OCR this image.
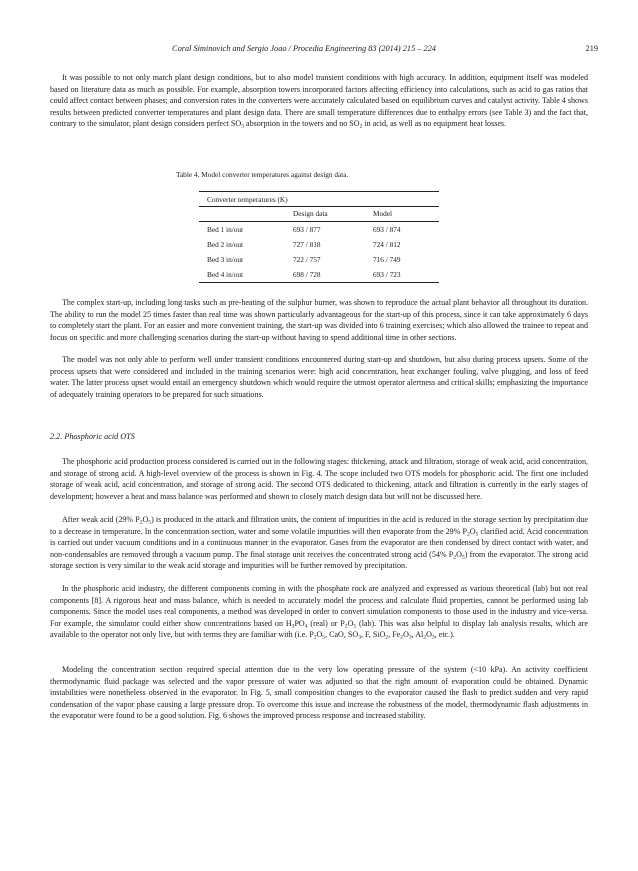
Coral Siminovich and Sergio Joao / Procedia Engineering 83 (2014) 215 – 224	219

It was possible to not only match plant design conditions, but to also model transient conditions with high accuracy. In addition, equipment itself was modeled based on literature data as much as possible. For example, absorption towers incorporated factors affecting efficiency into calculations, such as acid to gas ratios that could affect contact between phases; and conversion rates in the converters were accurately calculated based on equilibrium curves and catalyst activity. Table 4 shows results between predicted converter temperatures and plant design data. There are small temperature differences due to enthalpy errors (see Table 3) and the fact that, contrary to the simulator, plant design considers perfect $SO_3$ absorption in the towers and no $SO_2$ in acid, as well as no equipment heat losses.

Table 4. Model converter temperatures against design data.

Converter temperatures (K)		
	Design data	Model
Bed 1 in/out	693 / 877	693 / 874
Bed 2 in/out	727 / 818	724 / 812
Bed 3 in/out	722 / 757	716 / 749
Bed 4 in/out	698 / 728	693 / 723

The complex start-up, including long tasks such as pre-heating of the sulphur burner, was shown to reproduce the actual plant behavior all throughout its duration. The ability to run the model 25 times faster than real time was shown particularly advantageous for the start-up of this process, since it can take approximately 6 days to completely start the plant. For an easier and more convenient training, the start-up was divided into 6 training exercises; which also allowed the trainee to repeat and focus on specific and more challenging scenarios during the start-up without having to spend additional time in other sections.

The model was not only able to perform well under transient conditions encountered during start-up and shutdown, but also during process upsets. Some of the process upsets that were considered and included in the training scenarios were: high acid concentration, heat exchanger fouling, valve plugging, and loss of feed water. The latter process upset would entail an emergency shutdown which would require the utmost operator alertness and critical skills; emphasizing the importance of adequately training operators to be prepared for such situations.

2.2. Phosphoric acid OTS

The phosphoric acid production process considered is carried out in the following stages: thickening, attack and filtration, storage of weak acid, acid concentration, and storage of strong acid. A high-level overview of the process is shown in Fig. 4. The scope included two OTS models for phosphoric acid. The first one included storage of weak acid, acid concentration, and storage of strong acid. The second OTS dedicated to thickening, attack and filtration is currently in the early stages of development; however a heat and mass balance was performed and shown to closely match design data but will not be discussed here.

After weak acid (29% $P_2O_5$) is produced in the attack and filtration units, the content of impurities in the acid is reduced in the storage section by precipitation due to a decrease in temperature. In the concentration section, water and some volatile impurities will then evaporate from the 29% $P_2O_5$ clarified acid. Acid concentration is carried out under vacuum conditions and in a continuous manner in the evaporator. Gases from the evaporator are then condensed by direct contact with water, and non-condensables are removed through a vacuum pump. The final storage unit receives the concentrated strong acid (54% $P_2O_5$) from the evaporator. The strong acid storage section is very similar to the weak acid storage and impurities will be further removed by precipitation.

In the phosphoric acid industry, the different components coming in with the phosphate rock are analyzed and expressed as various theoretical (lab) but not real components [8]. A rigorous heat and mass balance, which is needed to accurately model the process and calculate fluid properties, cannot be performed using lab components. Since the model uses real components, a method was developed in order to convert simulation components to those used in the industry and vice-versa. For example, the simulator could either show concentrations based on $H_3PO_4$ (real) or $P_2O_5$ (lab). This was also helpful to display lab analysis results, which are available to the operator not only live, but with terms they are familiar with (i.e. $P_2O_5$, CaO, $SO_3$, F, SiO$_2$, $Fe_2O_3$, $Al_2O_3$, etc.).

Modeling the concentration section required special attention due to the very low operating pressure of the system (<10 kPa). An activity coefficient thermodynamic fluid package was selected and the vapor pressure of water was adjusted so that the right amount of evaporation could be obtained. Dynamic instabilities were nonetheless observed in the evaporator. In Fig. 5, small composition changes to the evaporator caused the flash to predict sudden and very rapid condensation of the vapor phase causing a large pressure drop. To overcome this issue and increase the robustness of the model, thermodynamic flash adjustments in the evaporator were found to be a good solution. Fig. 6 shows the improved process response and increased stability.
